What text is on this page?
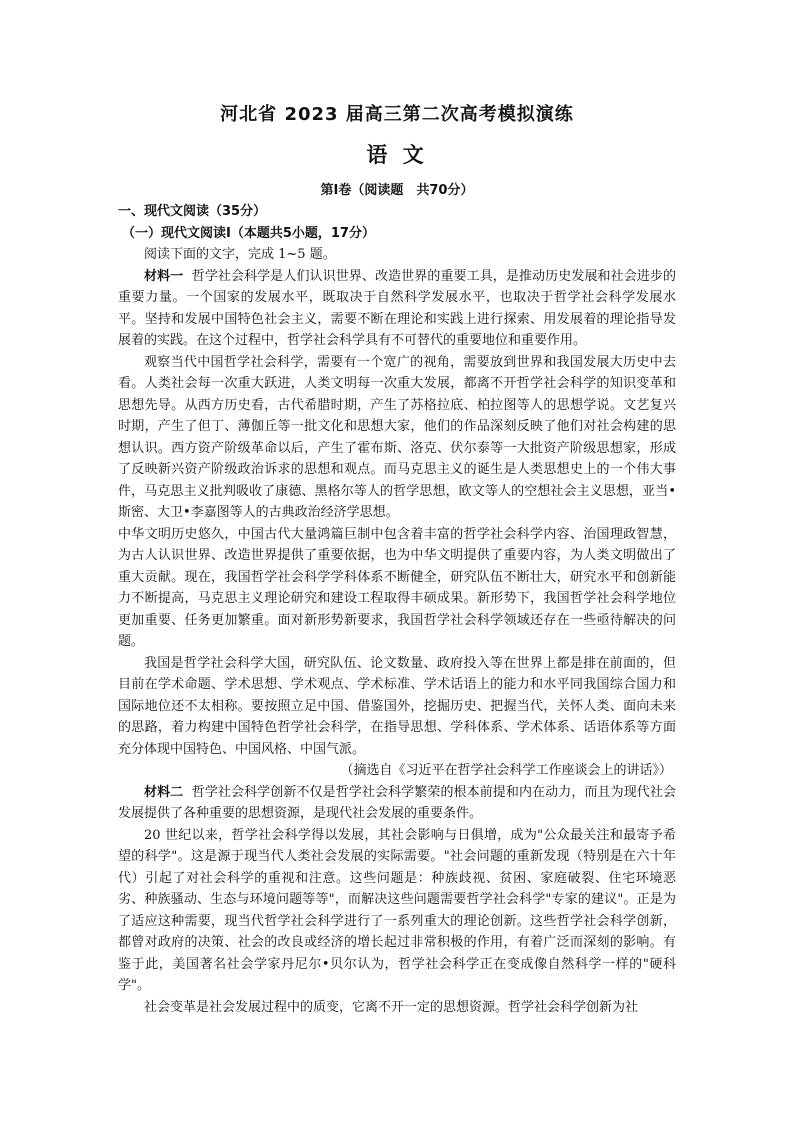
河北省 2023 届高三第二次高考模拟演练
语 文
第Ⅰ卷（阅读题　共70分）
一、现代文阅读（35分）
（一）现代文阅读Ⅰ（本题共5小题，17分）

阅读下面的文字，完成 1~5 题。

材料一 哲学社会科学是人们认识世界、改造世界的重要工具，是推动历史发展和社会进步的重要力量。一个国家的发展水平，既取决于自然科学发展水平，也取决于哲学社会科学发展水平。坚持和发展中国特色社会主义，需要不断在理论和实践上进行探索、用发展着的理论指导发展着的实践。在这个过程中，哲学社会科学具有不可替代的重要地位和重要作用。

观察当代中国哲学社会科学，需要有一个宽广的视角，需要放到世界和我国发展大历史中去看。人类社会每一次重大跃进，人类文明每一次重大发展，都离不开哲学社会科学的知识变革和思想先导。从西方历史看，古代希腊时期，产生了苏格拉底、柏拉图等人的思想学说。文艺复兴时期，产生了但丁、薄伽丘等一批文化和思想大家，他们的作品深刻反映了他们对社会构建的思想认识。西方资产阶级革命以后，产生了霍布斯、洛克、伏尔泰等一大批资产阶级思想家，形成了反映新兴资产阶级政治诉求的思想和观点。而马克思主义的诞生是人类思想史上的一个伟大事件，马克思主义批判吸收了康德、黑格尔等人的哲学思想，欧文等人的空想社会主义思想，亚当•斯密、大卫•李嘉图等人的古典政治经济学思想。

中华文明历史悠久，中国古代大量鸿篇巨制中包含着丰富的哲学社会科学内容、治国理政智慧，为古人认识世界、改造世界提供了重要依据，也为中华文明提供了重要内容，为人类文明做出了重大贡献。现在，我国哲学社会科学学科体系不断健全，研究队伍不断壮大，研究水平和创新能力不断提高，马克思主义理论研究和建设工程取得丰硕成果。新形势下，我国哲学社会科学地位更加重要、任务更加繁重。面对新形势新要求，我国哲学社会科学领域还存在一些亟待解决的问题。

我国是哲学社会科学大国，研究队伍、论文数量、政府投入等在世界上都是排在前面的，但目前在学术命题、学术思想、学术观点、学术标准、学术话语上的能力和水平同我国综合国力和国际地位还不太相称。要按照立足中国、借鉴国外，挖掘历史、把握当代，关怀人类、面向未来的思路，着力构建中国特色哲学社会科学，在指导思想、学科体系、学术体系、话语体系等方面充分体现中国特色、中国风格、中国气派。

（摘选自《习近平在哲学社会科学工作座谈会上的讲话》）

材料二 哲学社会科学创新不仅是哲学社会科学繁荣的根本前提和内在动力，而且为现代社会发展提供了各种重要的思想资源，是现代社会发展的重要条件。

20 世纪以来，哲学社会科学得以发展，其社会影响与日俱增，成为"公众最关注和最寄予希望的科学"。这是源于现当代人类社会发展的实际需要。"社会问题的重新发现（特别是在六十年代）引起了对社会科学的重视和注意。这些问题是：种族歧视、贫困、家庭破裂、住宅环境恶劣、种族骚动、生态与环境问题等等"，而解决这些问题需要哲学社会科学"专家的建议"。正是为了适应这种需要，现当代哲学社会科学进行了一系列重大的理论创新。这些哲学社会科学创新，都曾对政府的决策、社会的改良或经济的增长起过非常积极的作用，有着广泛而深刻的影响。有鉴于此，美国著名社会学家丹尼尔•贝尔认为，哲学社会科学正在变成像自然科学一样的"硬科学"。

社会变革是社会发展过程中的质变，它离不开一定的思想资源。哲学社会科学创新为社
